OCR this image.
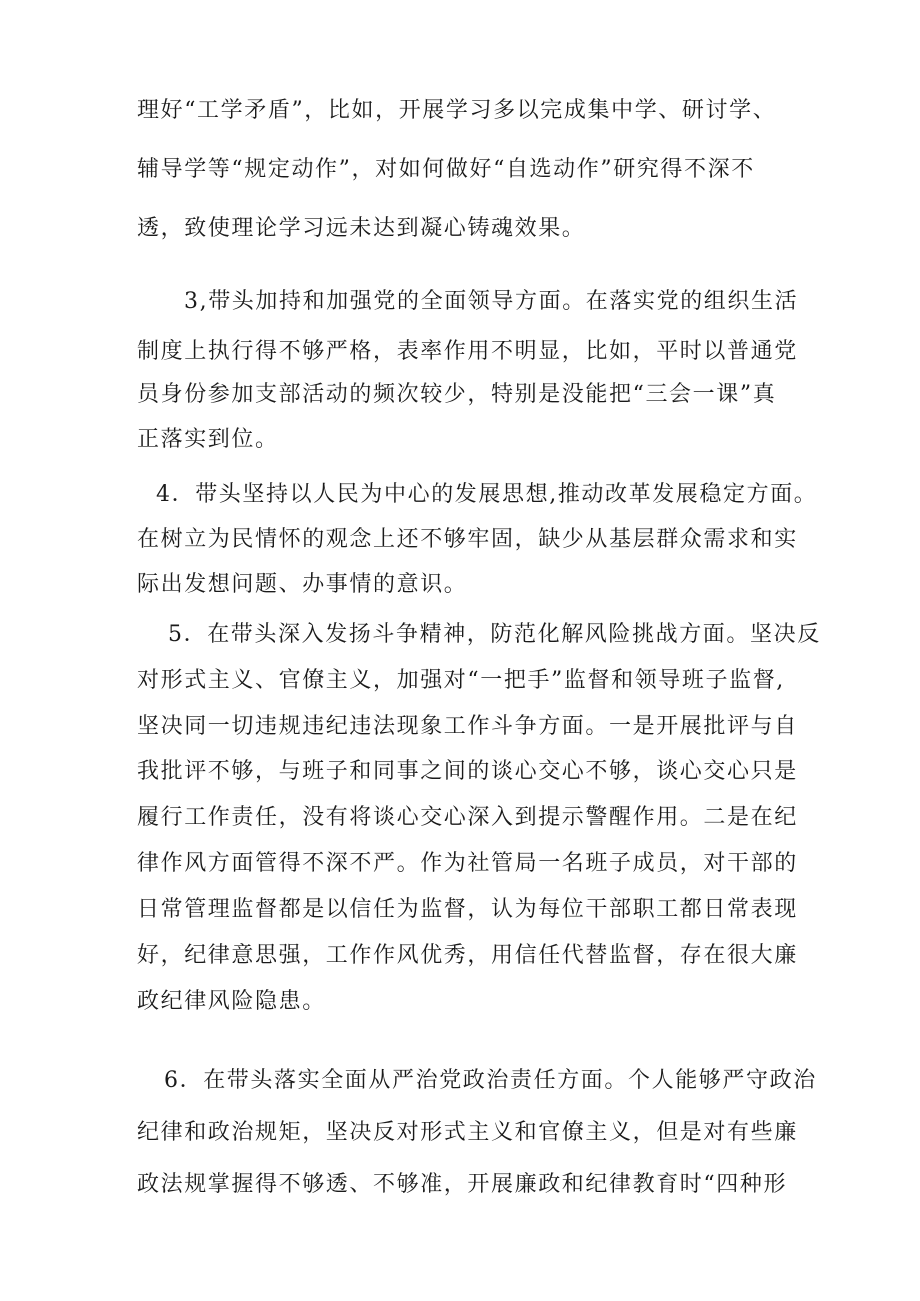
理好“工学矛盾”，比如，开展学习多以完成集中学、研讨学、

辅导学等“规定动作”，对如何做好“自选动作”研究得不深不

透，致使理论学习远未达到凝心铸魂效果。

3,带头加持和加强党的全面领导方面。在落实党的组织生活

制度上执行得不够严格，表率作用不明显，比如，平时以普通党

员身份参加支部活动的频次较少，特别是没能把“三会一课”真

正落实到位。

4．带头坚持以人民为中心的发展思想,推动改革发展稳定方面。

在树立为民情怀的观念上还不够牢固，缺少从基层群众需求和实

际出发想问题、办事情的意识。

5．在带头深入发扬斗争精神，防范化解风险挑战方面。坚决反

对形式主义、官僚主义，加强对“一把手”监督和领导班子监督,

坚决同一切违规违纪违法现象工作斗争方面。一是开展批评与自

我批评不够，与班子和同事之间的谈心交心不够，谈心交心只是

履行工作责任，没有将谈心交心深入到提示警醒作用。二是在纪

律作风方面管得不深不严。作为社管局一名班子成员，对干部的

日常管理监督都是以信任为监督，认为每位干部职工都日常表现

好，纪律意思强，工作作风优秀，用信任代替监督，存在很大廉

政纪律风险隐患。

6．在带头落实全面从严治党政治责任方面。个人能够严守政治

纪律和政治规矩，坚决反对形式主义和官僚主义，但是对有些廉

政法规掌握得不够透、不够准，开展廉政和纪律教育时“四种形
